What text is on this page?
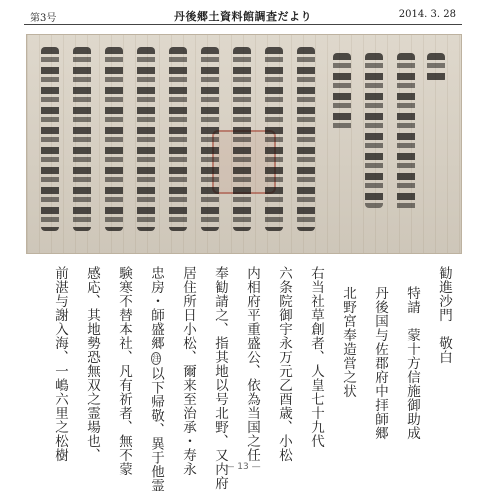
第3号	丹後郷土資料館調査だより	2014. 3. 28
勧進沙門　敬白
特請　蒙十方信施御助成
丹後国与佐郡府中拝師郷
北野宮奉造営之状
右当社草創者、人皇七十九代
六条院御宇永万元乙酉歳、小松
内相府平重盛公、依為当国之任
奉勧請之、指其地以号北野、又内府
居住所日小松、爾来至治承・寿永
忠房・師盛郷注以下帰敬、異于他霊
験寒不替本社、凡有祈者、無不蒙
感応、其地勢恐無双之霊場也、
前湛与謝入海、一嶋六里之松樹
— 13 —
